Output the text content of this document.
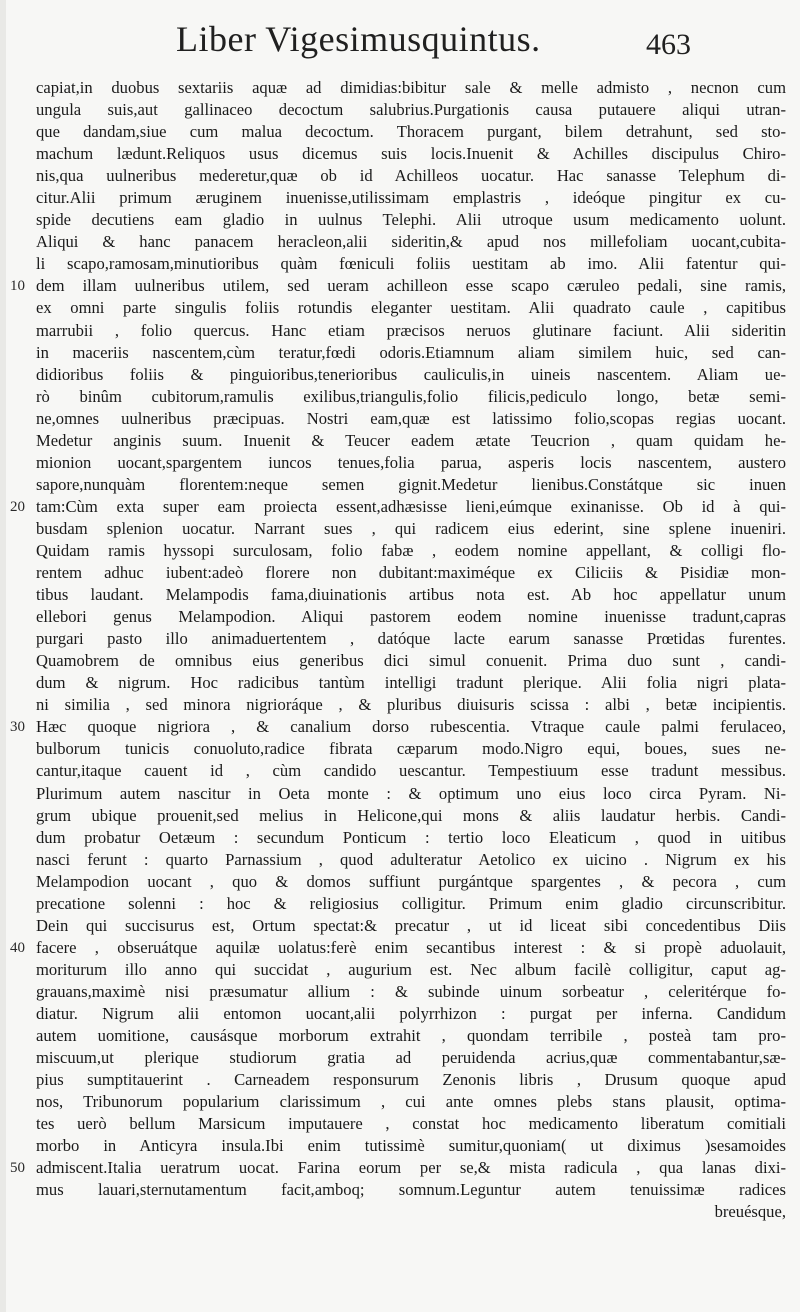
Liber Vigesimusquintus.	463
capiat,in duobus sextariis aquæ ad dimidias:bibitur sale & melle admisto , necnon cum
ungula suis,aut gallinaceo decoctum salubrius.Purgationis causa putauere aliqui utran-
que dandam,siue cum malua decoctum. Thoracem purgant, bilem detrahunt, sed sto-
machum lædunt.Reliquos usus dicemus suis locis.Inuenit & Achilles discipulus Chiro-
nis,qua uulneribus mederetur,quæ ob id Achilleos uocatur. Hac sanasse Telephum di-
citur.Alii primum æruginem inuenisse,utilissimam emplastris , ideóque pingitur ex cu-
spide decutiens eam gladio in uulnus Telephi. Alii utroque usum medicamento uolunt.
Aliqui & hanc panacem heracleon,alii sideritin,& apud nos millefoliam uocant,cubita-
li scapo,ramosam,minutioribus quàm fœniculi foliis uestitam ab imo. Alii fatentur qui-
10 dem illam uulneribus utilem, sed ueram achilleon esse scapo cæruleo pedali, sine ramis,
ex omni parte singulis foliis rotundis eleganter uestitam. Alii quadrato caule , capitibus
marrubii , folio quercus. Hanc etiam præcisos neruos glutinare faciunt. Alii sideritin
in maceriis nascentem,cùm teratur,fœdi odoris.Etiamnum aliam similem huic, sed can-
didioribus foliis & pinguioribus,tenerioribus cauliculis,in uineis nascentem. Aliam ue-
rò binûm cubitorum,ramulis exilibus,triangulis,folio filicis,pediculo longo, betæ semi-
ne,omnes uulneribus præcipuas. Nostri eam,quæ est latissimo folio,scopas regias uocant.
Medetur anginis suum. Inuenit & Teucer eadem ætate Teucrion , quam quidam he-
mionion uocant,spargentem iuncos tenues,folia parua, asperis locis nascentem, austero
sapore,nunquàm florentem:neque semen gignit.Medetur lienibus.Constátque sic inuen
20 tam:Cùm exta super eam proiecta essent,adhæsisse lieni,eúmque exinanisse. Ob id à qui-
busdam splenion uocatur. Narrant sues , qui radicem eius ederint, sine splene inueniri.
Quidam ramis hyssopi surculosam, folio fabæ , eodem nomine appellant, & colligi flo-
rentem adhuc iubent:adeò florere non dubitant:maximéque ex Ciliciis & Pisidiæ mon-
tibus laudant. Melampodis fama,diuinationis artibus nota est. Ab hoc appellatur unum
ellebori genus Melampodion. Aliqui pastorem eodem nomine inuenisse tradunt,capras
purgari pasto illo animaduertentem , datóque lacte earum sanasse Prœtidas furentes.
Quamobrem de omnibus eius generibus dici simul conuenit. Prima duo sunt , candi-
dum & nigrum. Hoc radicibus tantùm intelligi tradunt plerique. Alii folia nigri plata-
ni similia , sed minora nigrioráque , & pluribus diuisuris scissa : albi , betæ incipientis.
30 Hæc quoque nigriora , & canalium dorso rubescentia. Vtraque caule palmi ferulaceo,
bulborum tunicis conuoluto,radice fibrata cæparum modo.Nigro equi, boues, sues ne-
cantur,itaque cauent id , cùm candido uescantur. Tempestiuum esse tradunt messibus.
Plurimum autem nascitur in Oeta monte : & optimum uno eius loco circa Pyram. Ni-
grum ubique prouenit,sed melius in Helicone,qui mons & aliis laudatur herbis. Candi-
dum probatur Oetæum : secundum Ponticum : tertio loco Eleaticum , quod in uitibus
nasci ferunt : quarto Parnassium , quod adulteratur Aetolico ex uicino . Nigrum ex his
Melampodion uocant , quo & domos suffiunt purgántque spargentes , & pecora , cum
precatione solenni : hoc & religiosius colligitur. Primum enim gladio circunscribitur.
Dein qui succisurus est, Ortum spectat:& precatur , ut id liceat sibi concedentibus Diis
40 facere , obseruátque aquilæ uolatus:ferè enim secantibus interest : & si propè aduolauit,
moriturum illo anno qui succidat , augurium est. Nec album facilè colligitur, caput ag-
grauans,maximè nisi præsumatur allium : & subinde uinum sorbeatur , celeritérque fo-
diatur. Nigrum alii entomon uocant,alii polyrrhizon : purgat per inferna. Candidum
autem uomitione, causásque morborum extrahit , quondam terribile , posteà tam pro-
miscuum,ut plerique studiorum gratia ad peruidenda acrius,quæ commentabantur,sæ-
pius sumptitauerint . Carneadem responsurum Zenonis libris , Drusum quoque apud
nos, Tribunorum popularium clarissimum , cui ante omnes plebs stans plausit, optima-
tes uerò bellum Marsicum imputauere , constat hoc medicamento liberatum comitiali
morbo in Anticyra insula.Ibi enim tutissimè sumitur,quoniam( ut diximus )sesamoides
50 admiscent.Italia ueratrum uocat. Farina eorum per se,& mista radicula , qua lanas dixi-
mus lauari,sternutamentum facit,amboq; somnum.Leguntur autem tenuissimæ radices
breuésque,
